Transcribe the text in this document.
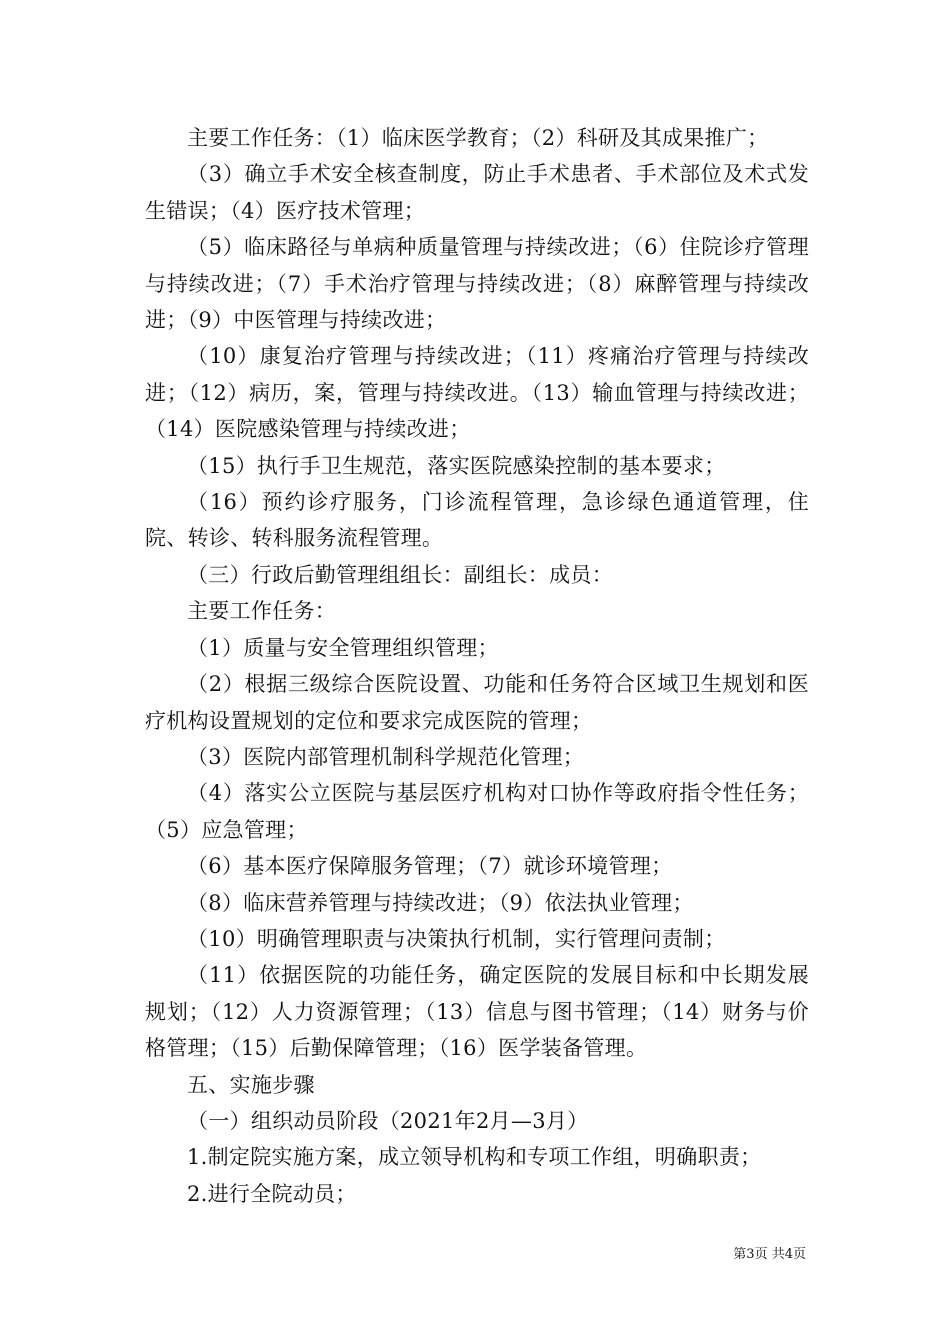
主要工作任务：（1）临床医学教育；（2）科研及其成果推广；

（3）确立手术安全核查制度，防止手术患者、手术部位及术式发生错误；（4）医疗技术管理；

（5）临床路径与单病种质量管理与持续改进；（6）住院诊疗管理与持续改进；（7）手术治疗管理与持续改进；（8）麻醉管理与持续改进；（9）中医管理与持续改进；

（10）康复治疗管理与持续改进；（11）疼痛治疗管理与持续改进；（12）病历，案，管理与持续改进。（13）输血管理与持续改进；（14）医院感染管理与持续改进；

（15）执行手卫生规范，落实医院感染控制的基本要求；

（16）预约诊疗服务，门诊流程管理，急诊绿色通道管理，住院、转诊、转科服务流程管理。

（三）行政后勤管理组组长：副组长：成员：

主要工作任务：

（1）质量与安全管理组织管理；

（2）根据三级综合医院设置、功能和任务符合区域卫生规划和医疗机构设置规划的定位和要求完成医院的管理；

（3）医院内部管理机制科学规范化管理；

（4）落实公立医院与基层医疗机构对口协作等政府指令性任务；（5）应急管理；

（6）基本医疗保障服务管理；（7）就诊环境管理；

（8）临床营养管理与持续改进；（9）依法执业管理；

（10）明确管理职责与决策执行机制，实行管理问责制；

（11）依据医院的功能任务，确定医院的发展目标和中长期发展规划；（12）人力资源管理；（13）信息与图书管理；（14）财务与价格管理；（15）后勤保障管理；（16）医学装备管理。

五、实施步骤

（一）组织动员阶段（2021年2月—3月）

1.制定院实施方案，成立领导机构和专项工作组，明确职责；

2.进行全院动员；

第3页 共4页
